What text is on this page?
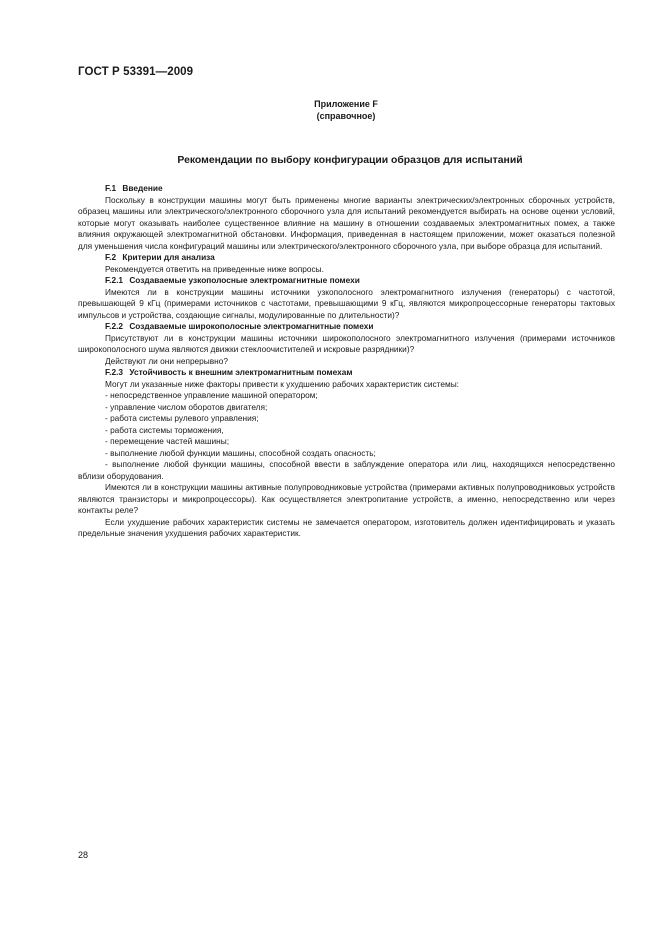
ГОСТ Р 53391—2009
Приложение F
(справочное)
Рекомендации по выбору конфигурации образцов для испытаний

F.1 Введение

Поскольку в конструкции машины могут быть применены многие варианты электрических/электронных сборочных устройств, образец машины или электрического/электронного сборочного узла для испытаний рекомендуется выбирать на основе оценки условий, которые могут оказывать наиболее существенное влияние на машину в отношении создаваемых электромагнитных помех, а также влияния окружающей электромагнитной обстановки. Информация, приведенная в настоящем приложении, может оказаться полезной для уменьшения числа конфигураций машины или электрического/электронного сборочного узла, при выборе образца для испытаний.

F.2 Критерии для анализа

Рекомендуется ответить на приведенные ниже вопросы.

F.2.1 Создаваемые узкополосные электромагнитные помехи

Имеются ли в конструкции машины источники узкополосного электромагнитного излучения (генераторы) с частотой, превышающей 9 кГц (примерами источников с частотами, превышающими 9 кГц, являются микропроцессорные генераторы тактовых импульсов и устройства, создающие сигналы, модулированные по длительности)?

F.2.2 Создаваемые широкополосные электромагнитные помехи

Присутствуют ли в конструкции машины источники широкополосного электромагнитного излучения (примерами источников широкополосного шума являются движки стеклоочистителей и искровые разрядники)?

Действуют ли они непрерывно?

F.2.3 Устойчивость к внешним электромагнитным помехам

Могут ли указанные ниже факторы привести к ухудшению рабочих характеристик системы:

- непосредственное управление машиной оператором;

- управление числом оборотов двигателя;

- работа системы рулевого управления;

- работа системы торможения,

- перемещение частей машины;

- выполнение любой функции машины, способной создать опасность;

- выполнение любой функции машины, способной ввести в заблуждение оператора или лиц, находящихся непосредственно вблизи оборудования.

Имеются ли в конструкции машины активные полупроводниковые устройства (примерами активных полупроводниковых устройств являются транзисторы и микропроцессоры). Как осуществляется электропитание устройств, а именно, непосредственно или через контакты реле?

Если ухудшение рабочих характеристик системы не замечается оператором, изготовитель должен идентифицировать и указать предельные значения ухудшения рабочих характеристик.

28
